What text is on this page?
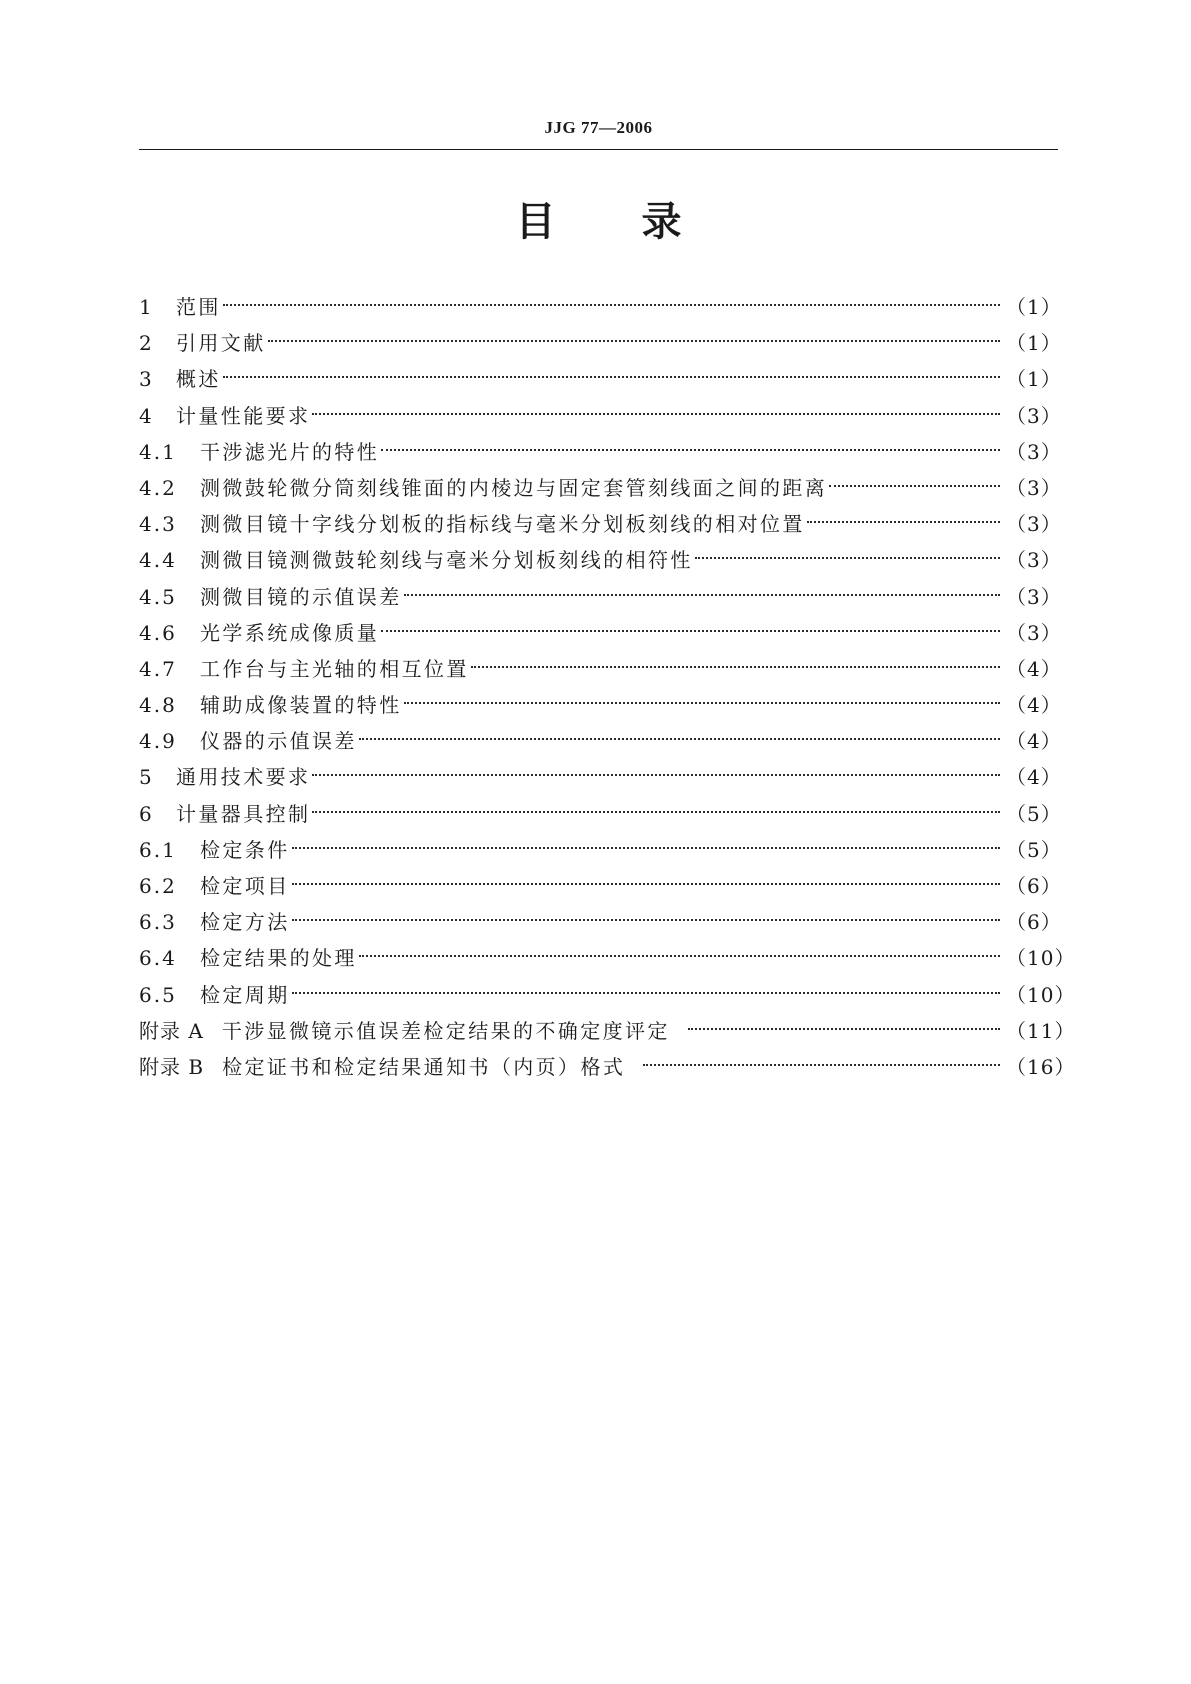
JJG 77—2006
目 录
1	范围	（1）
2	引用文献	（1）
3	概述	（1）
4	计量性能要求	（3）
4.1	干涉滤光片的特性	（3）
4.2	测微鼓轮微分筒刻线锥面的内棱边与固定套管刻线面之间的距离	（3）
4.3	测微目镜十字线分划板的指标线与毫米分划板刻线的相对位置	（3）
4.4	测微目镜测微鼓轮刻线与毫米分划板刻线的相符性	（3）
4.5	测微目镜的示值误差	（3）
4.6	光学系统成像质量	（3）
4.7	工作台与主光轴的相互位置	（4）
4.8	辅助成像装置的特性	（4）
4.9	仪器的示值误差	（4）
5	通用技术要求	（4）
6	计量器具控制	（5）
6.1	检定条件	（5）
6.2	检定项目	（6）
6.3	检定方法	（6）
6.4	检定结果的处理	（10）
6.5	检定周期	（10）
附录 A 干涉显微镜示值误差检定结果的不确定度评定	（11）
附录 B 检定证书和检定结果通知书（内页）格式	（16）
